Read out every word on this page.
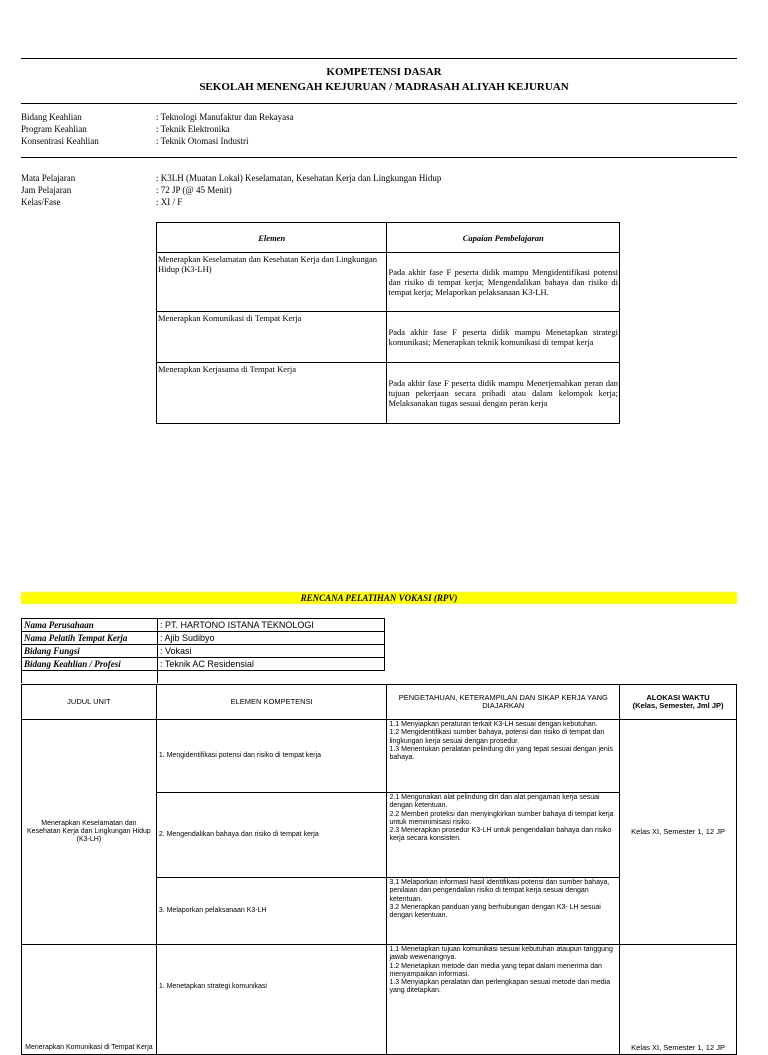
KOMPETENSI DASAR
SEKOLAH MENENGAH KEJURUAN / MADRASAH ALIYAH KEJURUAN
Bidang Keahlian	: Teknologi Manufaktur dan Rekayasa
Program Keahlian	: Teknik Elektronika
Konsentrasi Keahlian	: Teknik Otomasi Industri
Mata Pelajaran	: K3LH (Muatan Lokal) Keselamatan, Kesehatan Kerja dan Lingkungan Hidup
Jam Pelajaran	: 72 JP (@ 45 Menit)
Kelas/Fase	: XI / F
Elemen	Capaian Pembelajaran
Menerapkan Keselamatan dan Kesehatan Kerja dan Lingkungan Hidup (K3-LH)	Pada akhir fase F peserta didik mampu Mengidentifikasi potensi dan risiko di tempat kerja; Mengendalikan bahaya dan risiko di tempat kerja; Melaporkan pelaksanaan K3-LH.
Menerapkan Komunikasi di Tempat Kerja	Pada akhir fase F peserta didik mampu Menetapkan strategi komunikasi; Menerapkan teknik komunikasi di tempat kerja
Menerapkan Kerjasama di Tempat Kerja	Pada akhir fase F peserta didik mampu Menerjemahkan peran dan tujuan pekerjaan secara pribadi atau dalam kelompok kerja; Melaksanakan tugas sesuai dengan peran kerja
RENCANA PELATIHAN VOKASI (RPV)
Nama Perusahaan	: PT. HARTONO ISTANA TEKNOLOGI
Nama Pelatih Tempat Kerja	: Ajib Sudibyo
Bidang Fungsi	: Vokasi
Bidang Keahlian / Profesi	: Teknik AC Residensial

JUDUL UNIT	ELEMEN KOMPETENSI	PENGETAHUAN, KETERAMPILAN DAN SIKAP KERJA YANG DIAJARKAN	ALOKASI WAKTU
(Kelas, Semester, Jml JP)

Menerapkan Keselamatan dan Kesehatan Kerja dan Lingkungan Hidup (K3-LH)	1. Mengidentifikasi potensi dan risiko di tempat kerja	1.1 Menyiapkan peraturan terkait K3-LH sesuai dengan kebutuhan.
1.2 Mengidentifikasi sumber bahaya, potensi dan risiko di tempat dan lingkungan kerja sesuai dengan prosedur.
1.3 Menentukan peralatan pelindung diri yang tepat sesuai dengan jenis bahaya.	Kelas XI, Semester 1, 12 JP
	2. Mengendalikan bahaya dan risiko di tempat kerja	2.1 Mengunakan alat pelindung diri dan alat pengaman kerja sesuai dengan ketentuan.
2.2 Memberi proteksi dan menyingkirkan sumber bahaya di tempat kerja untuk meminimisasi risiko.
2.3 Menerapkan prosedur K3-LH untuk pengendalian bahaya dan risiko kerja secara konsisten.	

	3. Melaporkan pelaksanaan K3-LH	3.1 Melaporkan informasi hasil identifikasi potensi dan sumber bahaya, penilaian dan pengendalian risiko di tempat kerja sesuai dengan ketentuan.
3.2 Menerapkan panduan yang berhubungan dengan K3- LH sesuai dengan ketentuan.	

Menerapkan Komunikasi di Tempat Kerja	1. Menetapkan strategi komunikasi	1.1 Menetapkan tujuan komunikasi sesuai kebutuhan ataupun tanggung jawab wewenangnya.
1.2 Menetapkan metode dan media yang tepat dalam menerima dan menyampaikan informasi.
1.3 Menyiapkan peralatan dan perlengkapan sesuai metode dan media yang ditetapkan.	Kelas XI, Semester 1, 12 JP
